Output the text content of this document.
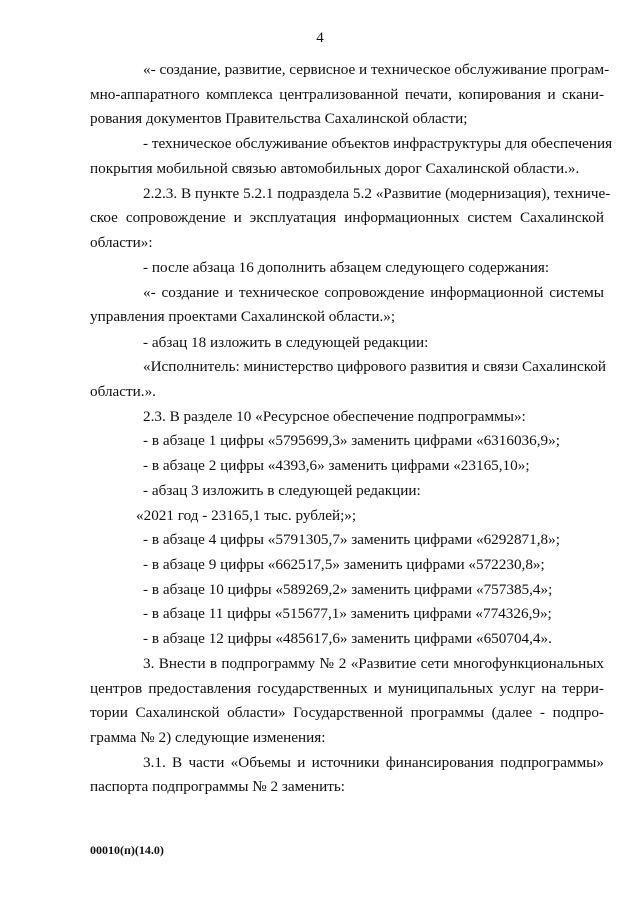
4
«- создание, развитие, сервисное и техническое обслуживание програм-
мно-аппаратного комплекса централизованной печати, копирования и скани-
рования документов Правительства Сахалинской области;
- техническое обслуживание объектов инфраструктуры для обеспечения
покрытия мобильной связью автомобильных дорог Сахалинской области.».
2.2.3. В пункте 5.2.1 подраздела 5.2 «Развитие (модернизация), техниче-
ское сопровождение и эксплуатация информационных систем Сахалинской
области»:
- после абзаца 16 дополнить абзацем следующего содержания:
«- создание и техническое сопровождение информационной системы
управления проектами Сахалинской области.»;
- абзац 18 изложить в следующей редакции:
«Исполнитель: министерство цифрового развития и связи Сахалинской
области.».
2.3. В разделе 10 «Ресурсное обеспечение подпрограммы»:
- в абзаце 1 цифры «5795699,3» заменить цифрами «6316036,9»;
- в абзаце 2 цифры «4393,6» заменить цифрами «23165,10»;
- абзац 3 изложить в следующей редакции:
«2021 год - 23165,1 тыс. рублей;»;
- в абзаце 4 цифры «5791305,7» заменить цифрами «6292871,8»;
- в абзаце 9 цифры «662517,5» заменить цифрами «572230,8»;
- в абзаце 10 цифры «589269,2» заменить цифрами «757385,4»;
- в абзаце 11 цифры «515677,1» заменить цифрами «774326,9»;
- в абзаце 12 цифры «485617,6» заменить цифрами «650704,4».
3. Внести в подпрограмму № 2 «Развитие сети многофункциональных
центров предоставления государственных и муниципальных услуг на терри-
тории Сахалинской области» Государственной программы (далее - подпро-
грамма № 2) следующие изменения:
3.1. В части «Объемы и источники финансирования подпрограммы»
паспорта подпрограммы № 2 заменить:
00010(п)(14.0)
